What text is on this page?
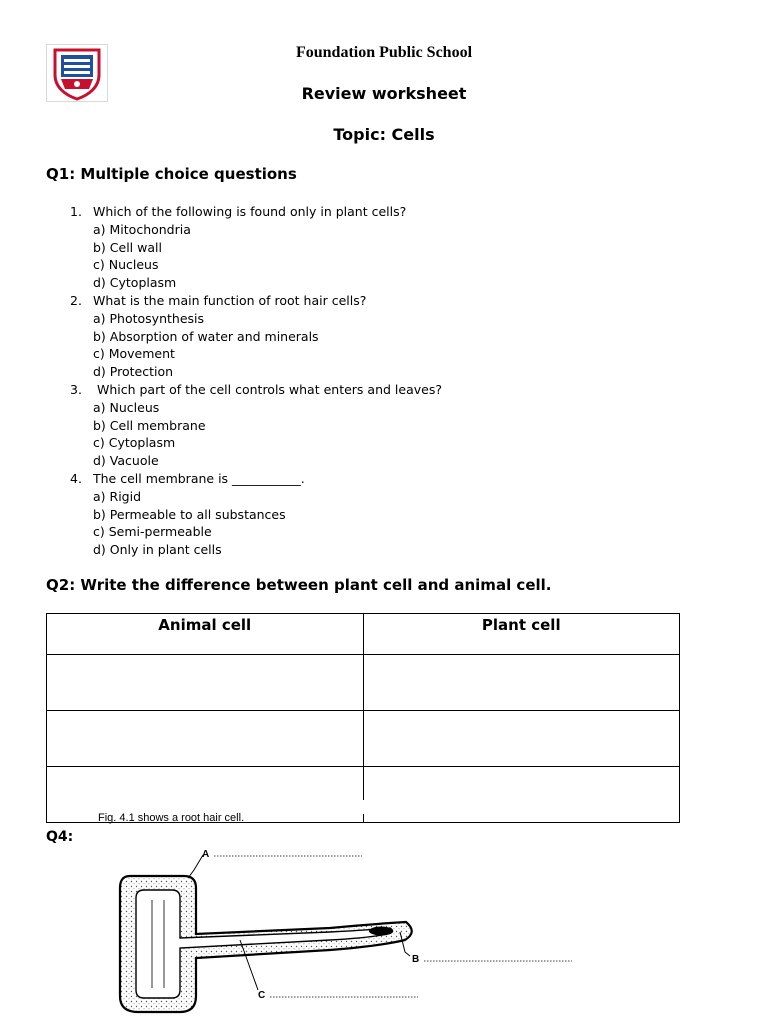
Foundation Public School
Review worksheet
Topic: Cells
Q1: Multiple choice questions
1. Which of the following is found only in plant cells?
a) Mitochondria
b) Cell wall
c) Nucleus
d) Cytoplasm
2. What is the main function of root hair cells?
a) Photosynthesis
b) Absorption of water and minerals
c) Movement
d) Protection
3. Which part of the cell controls what enters and leaves?
a) Nucleus
b) Cell membrane
c) Cytoplasm
d) Vacuole
4. The cell membrane is ___________.
a) Rigid
b) Permeable to all substances
c) Semi-permeable
d) Only in plant cells
Q2: Write the difference between plant cell and animal cell.
Animal cell	Plant cell

Fig. 4.1 shows a root hair cell.
Q4:
A
B
C
